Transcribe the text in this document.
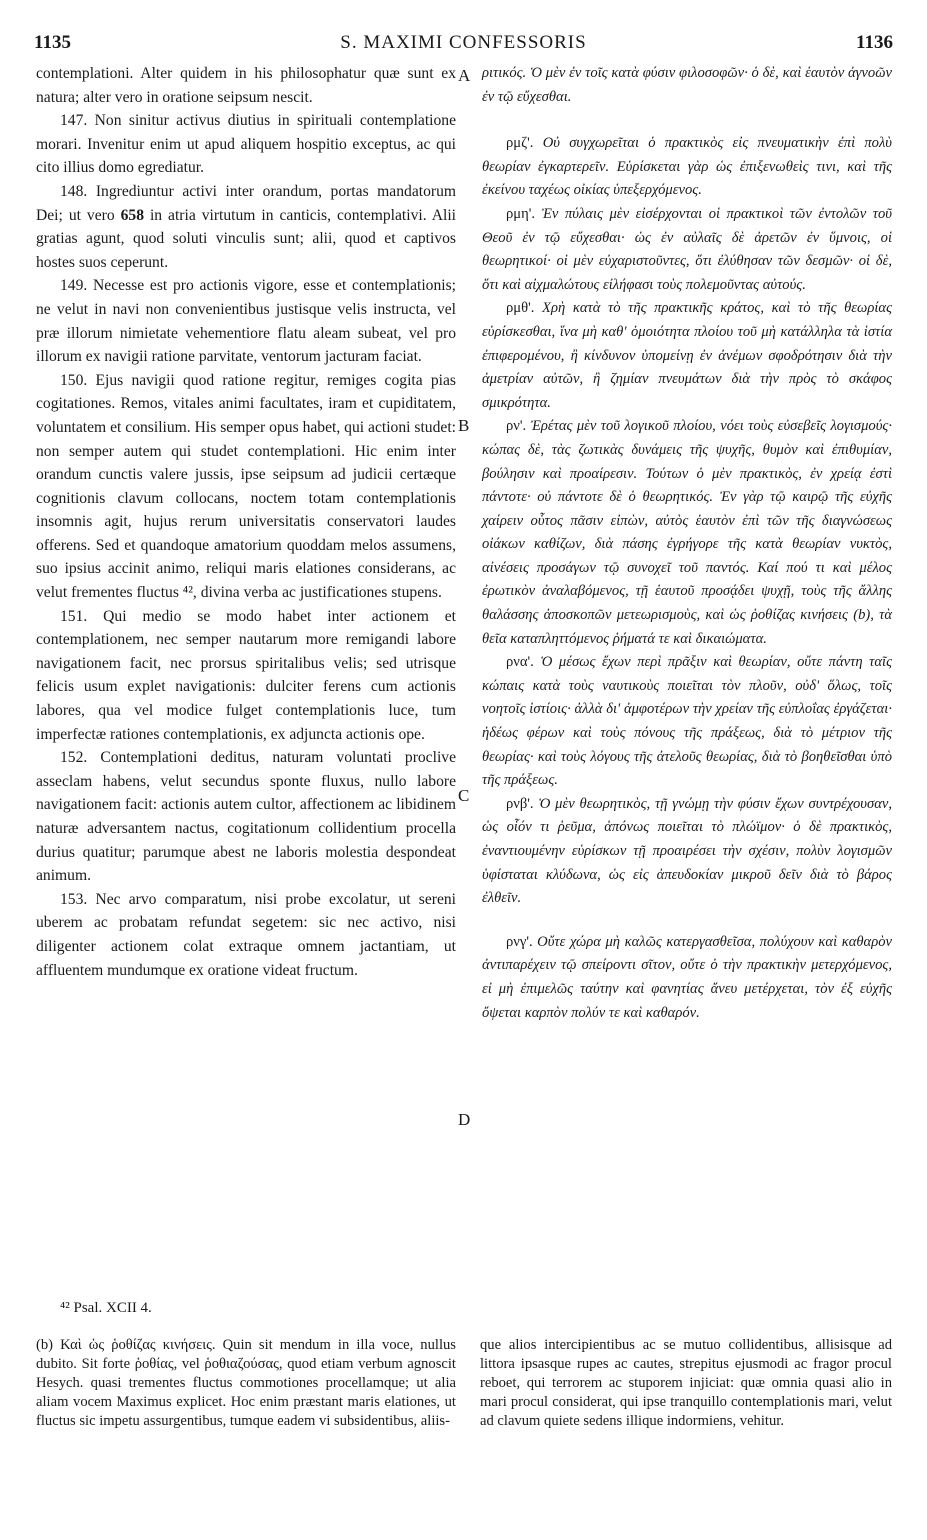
1135	S. MAXIMI CONFESSORIS	1136

contemplationi. Alter quidem in his philosophatur quæ sunt ex natura; alter vero in oratione seipsum nescit.

147. Non sinitur activus diutius in spirituali contemplatione morari. Invenitur enim ut apud aliquem hospitio exceptus, ac qui cito illius domo egrediatur.

148. Ingrediuntur activi inter orandum, portas mandatorum Dei; ut vero 658 in atria virtutum in canticis, contemplativi. Alii gratias agunt, quod soluti vinculis sunt; alii, quod et captivos hostes suos ceperunt.

149. Necesse est pro actionis vigore, esse et contemplationis; ne velut in navi non convenientibus justisque velis instructa, vel præ illorum nimietate vehementiore flatu aleam subeat, vel pro illorum ex navigii ratione parvitate, ventorum jacturam faciat.

150. Ejus navigii quod ratione regitur, remiges cogita pias cogitationes. Remos, vitales animi facultates, iram et cupiditatem, voluntatem et consilium. His semper opus habet, qui actioni studet: non semper autem qui studet contemplationi. Hic enim inter orandum cunctis valere jussis, ipse seipsum ad judicii certæque cognitionis clavum collocans, noctem totam contemplationis insomnis agit, hujus rerum universitatis conservatori laudes offerens. Sed et quandoque amatorium quoddam melos assumens, suo ipsius accinit animo, reliqui maris elationes considerans, ac velut frementes fluctus ⁴², divina verba ac justificationes stupens.

151. Qui medio se modo habet inter actionem et contemplationem, nec semper nautarum more remigandi labore navigationem facit, nec prorsus spiritalibus velis; sed utrisque felicis usum explet navigationis: dulciter ferens cum actionis labores, qua vel modice fulget contemplationis luce, tum imperfectæ rationes contemplationis, ex adjuncta actionis ope.

152. Contemplationi deditus, naturam voluntati proclive asseclam habens, velut secundus sponte fluxus, nullo labore navigationem facit: actionis autem cultor, affectionem ac libidinem naturæ adversantem nactus, cogitationum collidentium procella durius quatitur; parumque abest ne laboris molestia despondeat animum.

153. Nec arvo comparatum, nisi probe excolatur, ut sereni uberem ac probatam refundat segetem: sic nec activo, nisi diligenter actionem colat extraque omnem jactantiam, ut affluentem mundumque ex oratione videat fructum.

A
B
C
D

ριτικός. Ὁ μὲν ἐν τοῖς κατὰ φύσιν φιλοσοφῶν· ὁ δὲ, καὶ ἑαυτὸν ἀγνοῶν ἐν τῷ εὔχεσθαι.

ρμζ'. Οὐ συγχωρεῖται ὁ πρακτικὸς εἰς πνευματικὴν ἐπὶ πολὺ θεωρίαν ἐγκαρτερεῖν. Εὑρίσκεται γὰρ ὡς ἐπιξενωθεὶς τινι, καὶ τῆς ἐκείνου ταχέως οἰκίας ὑπεξερχόμενος.

ρμη'. Ἐν πύλαις μὲν εἰσέρχονται οἱ πρακτικοὶ τῶν ἐντολῶν τοῦ Θεοῦ ἐν τῷ εὔχεσθαι· ὡς ἐν αὐλαῖς δὲ ἀρετῶν ἐν ὕμνοις, οἱ θεωρητικοί· οἱ μὲν εὐχαριστοῦντες, ὅτι ἐλύθησαν τῶν δεσμῶν· οἱ δὲ, ὅτι καὶ αἰχμαλώτους εἰλήφασι τοὺς πολεμοῦντας αὐτούς.

ρμθ'. Χρὴ κατὰ τὸ τῆς πρακτικῆς κράτος, καὶ τὸ τῆς θεωρίας εὑρίσκεσθαι, ἵνα μὴ καθ' ὁμοιότητα πλοίου τοῦ μὴ κατάλληλα τὰ ἱστία ἐπιφερομένου, ἢ κίνδυνον ὑπομείνῃ ἐν ἀνέμων σφοδρότησιν διὰ τὴν ἀμετρίαν αὐτῶν, ἢ ζημίαν πνευμάτων διὰ τὴν πρὸς τὸ σκάφος σμικρότητα.

ρν'. Ἐρέτας μὲν τοῦ λογικοῦ πλοίου, νόει τοὺς εὐσεβεῖς λογισμούς· κώπας δὲ, τὰς ζωτικὰς δυνάμεις τῆς ψυχῆς, θυμὸν καὶ ἐπιθυμίαν, βούλησιν καὶ προαίρεσιν. Τούτων ὁ μὲν πρακτικὸς, ἐν χρείᾳ ἐστὶ πάντοτε· οὐ πάντοτε δὲ ὁ θεωρητικός. Ἐν γὰρ τῷ καιρῷ τῆς εὐχῆς χαίρειν οὗτος πᾶσιν εἰπὼν, αὐτὸς ἑαυτὸν ἐπὶ τῶν τῆς διαγνώσεως οἰάκων καθίζων, διὰ πάσης ἐγρήγορε τῆς κατὰ θεωρίαν νυκτὸς, αἰνέσεις προσάγων τῷ συνοχεῖ τοῦ παντός. Καί πού τι καὶ μέλος ἐρωτικὸν ἀναλαβόμενος, τῇ ἑαυτοῦ προσᾴδει ψυχῇ, τοὺς τῆς ἄλλης θαλάσσης ἀποσκοπῶν μετεωρισμοὺς, καὶ ὡς ῥοθίζας κινήσεις (b), τὰ θεῖα καταπληττόμενος ῥήματά τε καὶ δικαιώματα.

ρνα'. Ὁ μέσως ἔχων περὶ πρᾶξιν καὶ θεωρίαν, οὔτε πάντη ταῖς κώπαις κατὰ τοὺς ναυτικοὺς ποιεῖται τὸν πλοῦν, οὐδ' ὅλως, τοῖς νοητοῖς ἱστίοις· ἀλλὰ δι' ἀμφοτέρων τὴν χρείαν τῆς εὐπλοΐας ἐργάζεται· ἡδέως φέρων καὶ τοὺς πόνους τῆς πράξεως, διὰ τὸ μέτριον τῆς θεωρίας· καὶ τοὺς λόγους τῆς ἀτελοῦς θεωρίας, διὰ τὸ βοηθεῖσθαι ὑπὸ τῆς πράξεως.

ρνβ'. Ὁ μὲν θεωρητικὸς, τῇ γνώμῃ τὴν φύσιν ἔχων συντρέχουσαν, ὡς οἷόν τι ῥεῦμα, ἀπόνως ποιεῖται τὸ πλώϊμον· ὁ δὲ πρακτικὸς, ἐναντιουμένην εὑρίσκων τῇ προαιρέσει τὴν σχέσιν, πολὺν λογισμῶν ὑφίσταται κλύδωνα, ὡς εἰς ἀπευδοκίαν μικροῦ δεῖν διὰ τὸ βάρος ἐλθεῖν.

ρνγ'. Οὔτε χώρα μὴ καλῶς κατεργασθεῖσα, πολύχουν καὶ καθαρὸν ἀντιπαρέχειν τῷ σπείροντι σῖτον, οὔτε ὁ τὴν πρακτικὴν μετερχόμενος, εἰ μὴ ἐπιμελῶς ταύτην καὶ φανητίας ἄνευ μετέρχεται, τὸν ἐξ εὐχῆς ὄψεται καρπὸν πολύν τε καὶ καθαρόν.

⁴² Psal. XCII 4.

(b) Καὶ ὡς ῥοθίζας κινήσεις. Quin sit mendum in illa voce, nullus dubito. Sit forte ῥοθίας, vel ῥοθιαζούσας, quod etiam verbum agnoscit Hesych. quasi trementes fluctus commotiones procellamque; ut alia aliam vocem Maximus explicet. Hoc enim præstant maris elationes, ut fluctus sic impetu assurgentibus, tumque eadem vi subsidentibus, aliis-

que alios intercipientibus ac se mutuo collidentibus, allisisque ad littora ipsasque rupes ac cautes, strepitus ejusmodi ac fragor procul reboet, qui terrorem ac stuporem injiciat: quæ omnia quasi alio in mari procul considerat, qui ipse tranquillo contemplationis mari, velut ad clavum quiete sedens illique indormiens, vehitur.
